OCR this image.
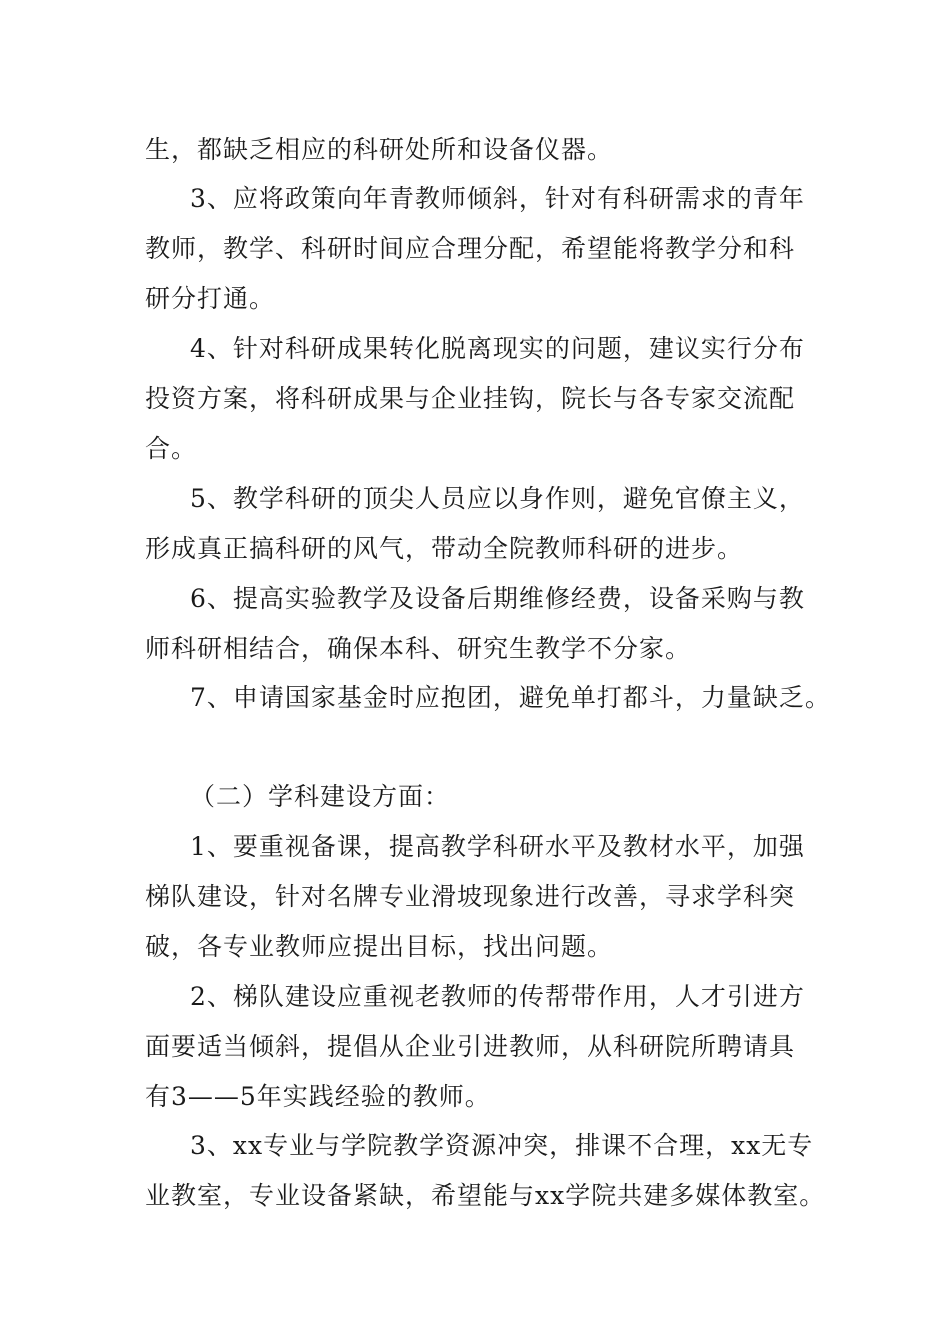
生，都缺乏相应的科研处所和设备仪器。
3、应将政策向年青教师倾斜，针对有科研需求的青年
教师，教学、科研时间应合理分配，希望能将教学分和科
研分打通。
4、针对科研成果转化脱离现实的问题，建议实行分布
投资方案，将科研成果与企业挂钩，院长与各专家交流配
合。
5、教学科研的顶尖人员应以身作则，避免官僚主义，
形成真正搞科研的风气，带动全院教师科研的进步。
6、提高实验教学及设备后期维修经费，设备采购与教
师科研相结合，确保本科、研究生教学不分家。
7、申请国家基金时应抱团，避免单打都斗，力量缺乏。
（二）学科建设方面：
1、要重视备课，提高教学科研水平及教材水平，加强
梯队建设，针对名牌专业滑坡现象进行改善，寻求学科突
破，各专业教师应提出目标，找出问题。
2、梯队建设应重视老教师的传帮带作用，人才引进方
面要适当倾斜，提倡从企业引进教师，从科研院所聘请具
有3——5年实践经验的教师。
3、xx专业与学院教学资源冲突，排课不合理，xx无专
业教室，专业设备紧缺，希望能与xx学院共建多媒体教室。
